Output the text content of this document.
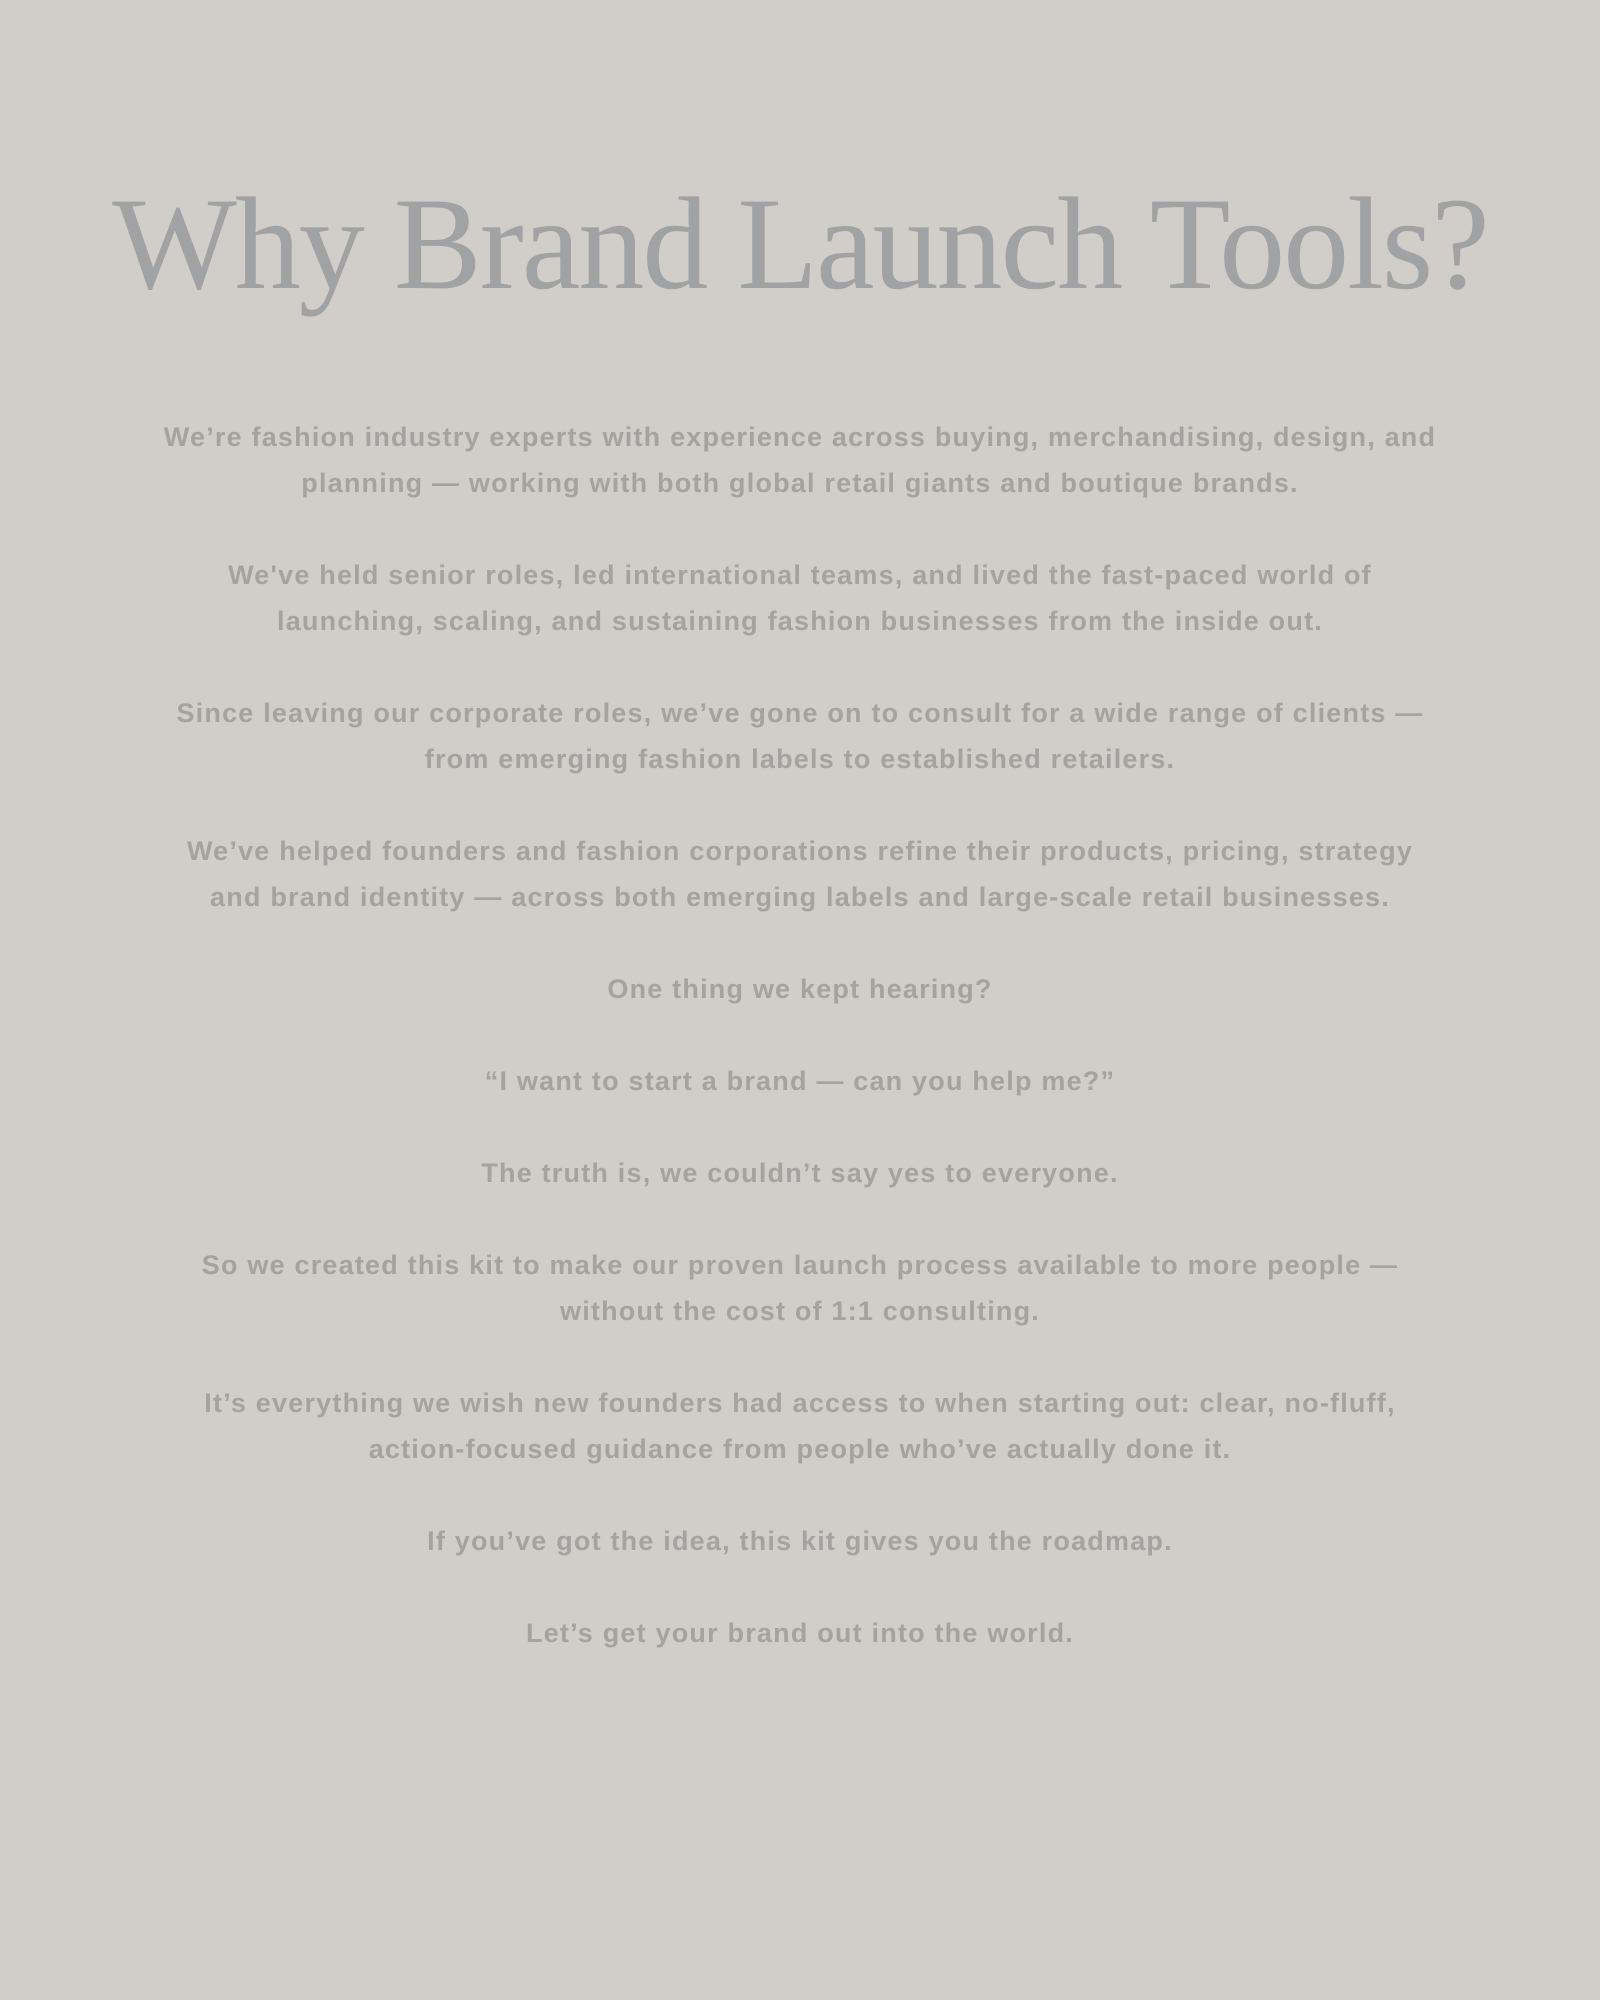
Why Brand Launch Tools?

We’re fashion industry experts with experience across buying, merchandising, design, and planning — working with both global retail giants and boutique brands.

We've held senior roles, led international teams, and lived the fast-paced world of launching, scaling, and sustaining fashion businesses from the inside out.

Since leaving our corporate roles, we’ve gone on to consult for a wide range of clients — from emerging fashion labels to established retailers.

We’ve helped founders and fashion corporations refine their products, pricing, strategy and brand identity — across both emerging labels and large-scale retail businesses.

One thing we kept hearing?

“I want to start a brand — can you help me?”

The truth is, we couldn’t say yes to everyone.

So we created this kit to make our proven launch process available to more people — without the cost of 1:1 consulting.

It’s everything we wish new founders had access to when starting out: clear, no-fluff, action-focused guidance from people who’ve actually done it.

If you’ve got the idea, this kit gives you the roadmap.

Let’s get your brand out into the world.
